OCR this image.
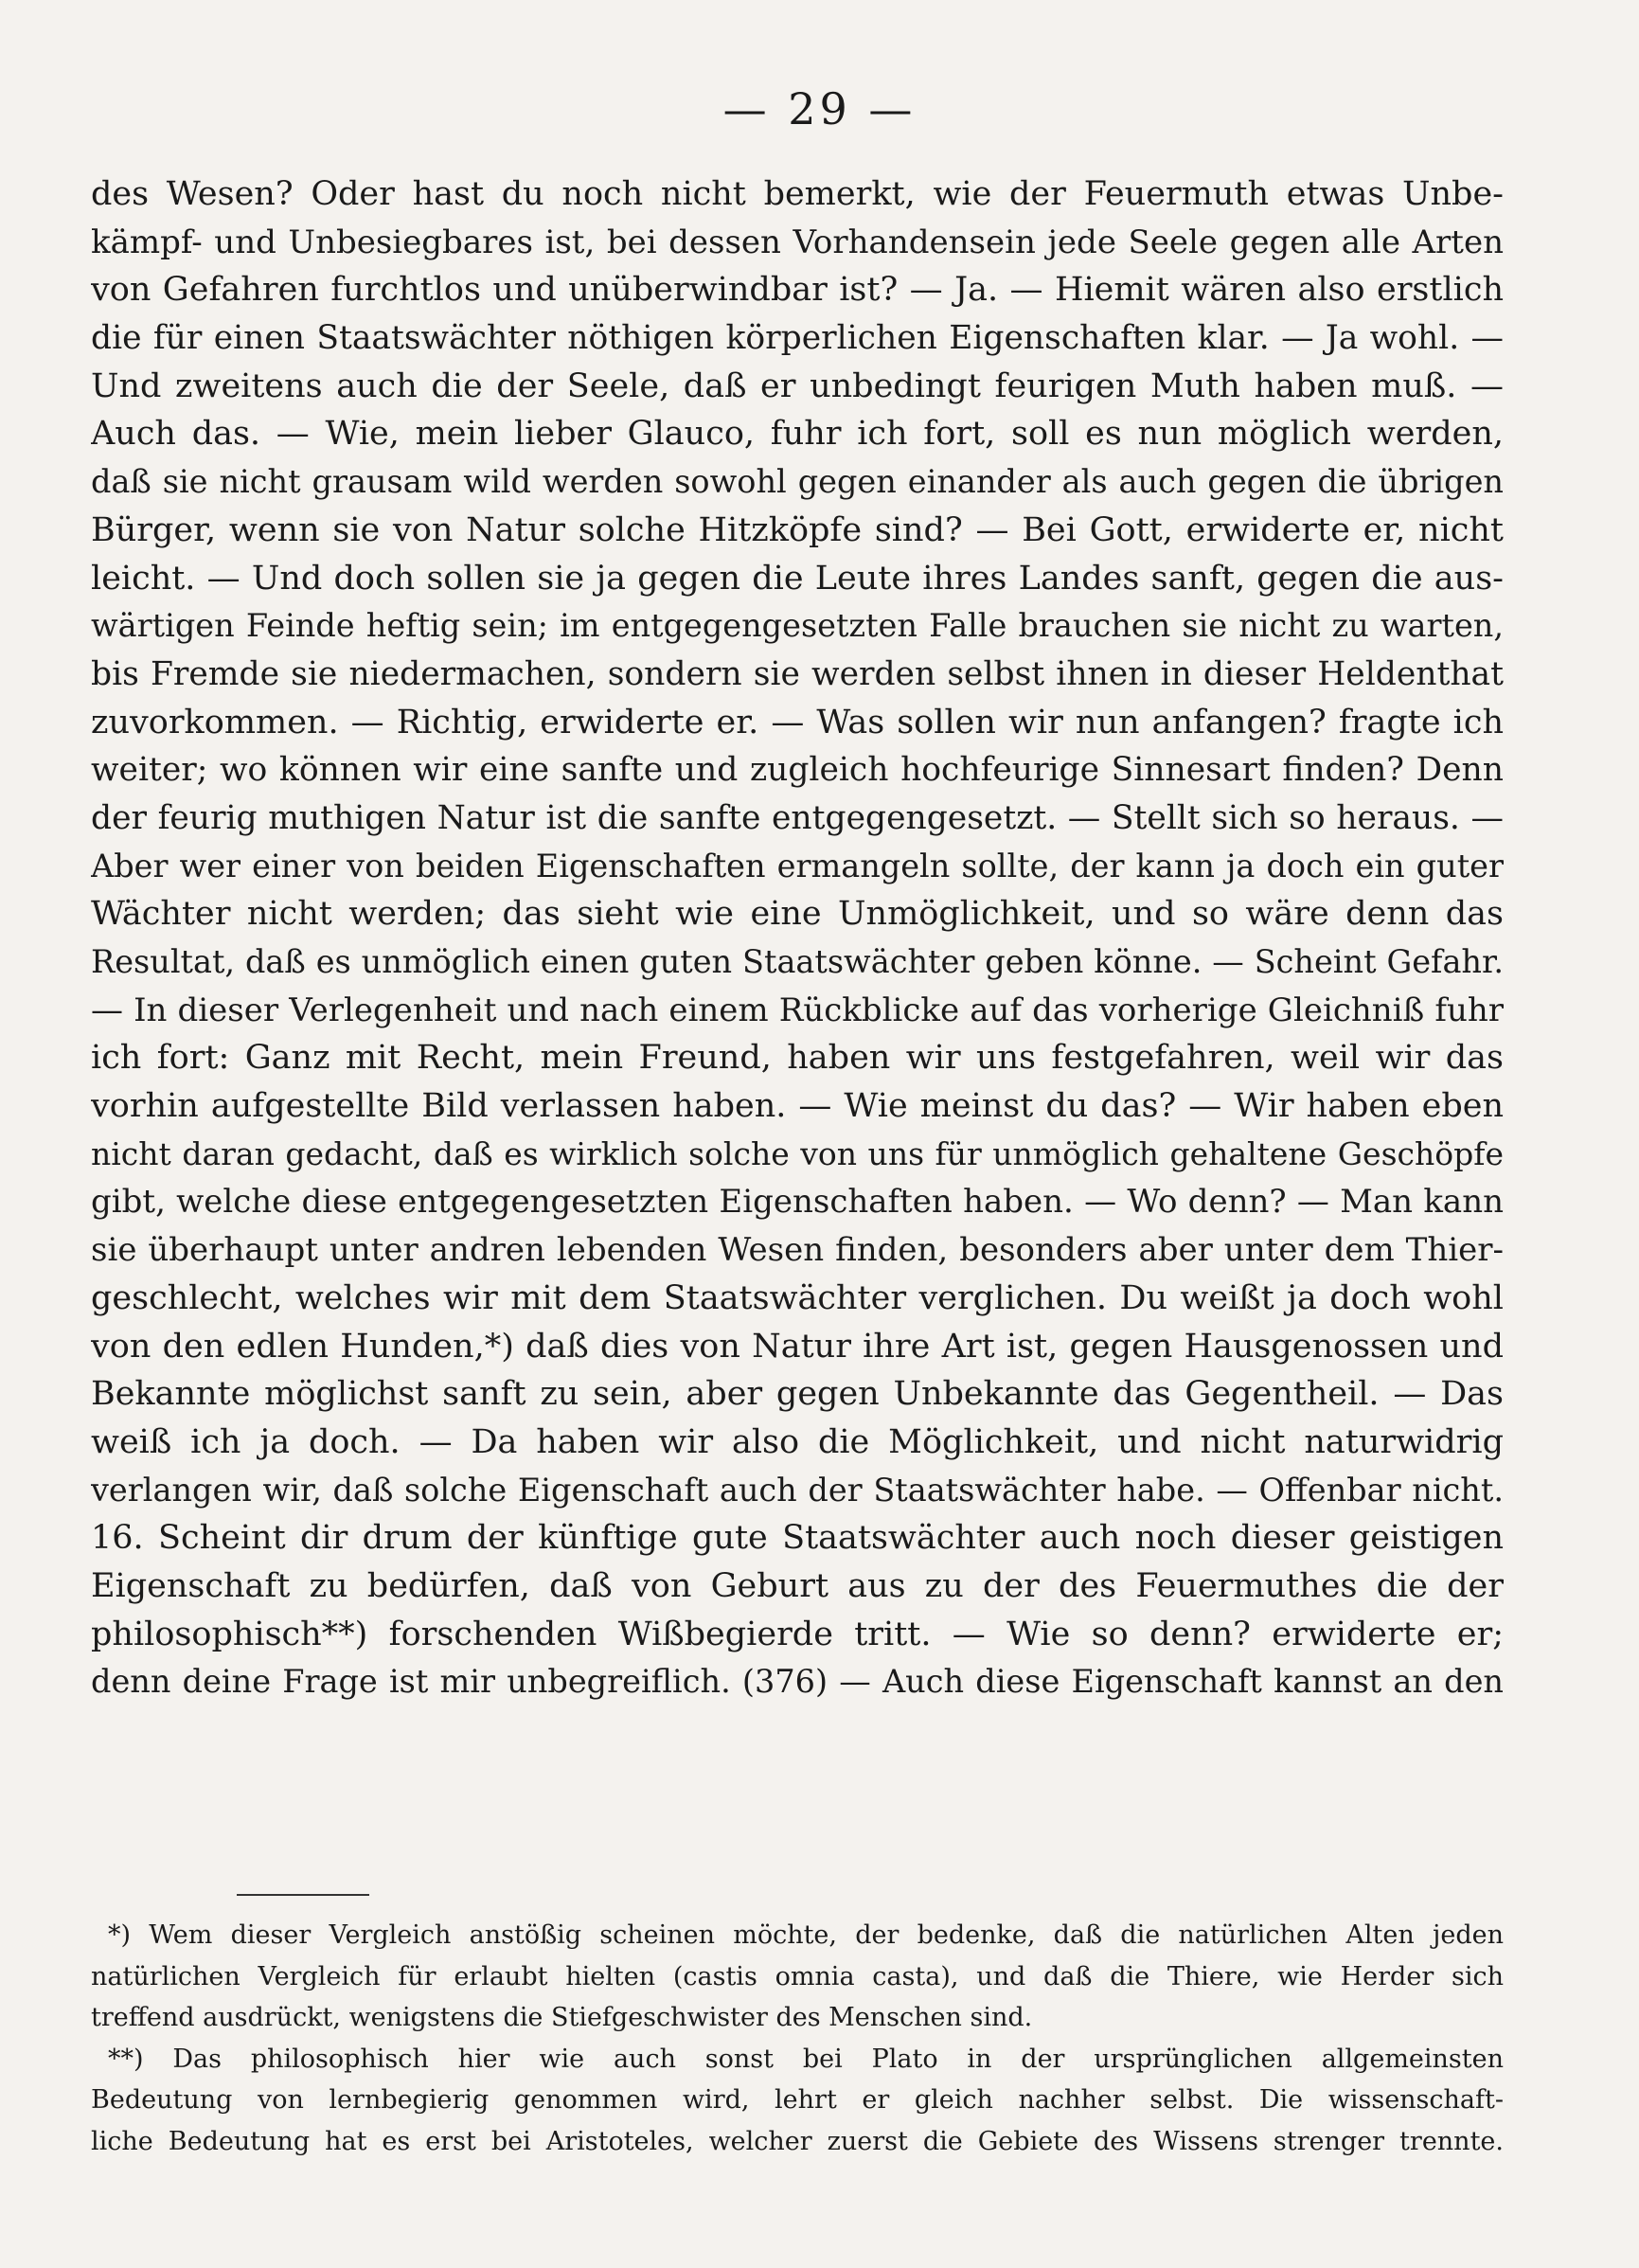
— 29 —
des Wesen? Oder hast du noch nicht bemerkt, wie der Feuermuth etwas Unbe-
kämpf- und Unbesiegbares ist, bei dessen Vorhandensein jede Seele gegen alle Arten
von Gefahren furchtlos und unüberwindbar ist? — Ja. — Hiemit wären also erstlich
die für einen Staatswächter nöthigen körperlichen Eigenschaften klar. — Ja wohl. —
Und zweitens auch die der Seele, daß er unbedingt feurigen Muth haben muß. —
Auch das. — Wie, mein lieber Glauco, fuhr ich fort, soll es nun möglich werden,
daß sie nicht grausam wild werden sowohl gegen einander als auch gegen die übrigen
Bürger, wenn sie von Natur solche Hitzköpfe sind? — Bei Gott, erwiderte er, nicht
leicht. — Und doch sollen sie ja gegen die Leute ihres Landes sanft, gegen die aus-
wärtigen Feinde heftig sein; im entgegengesetzten Falle brauchen sie nicht zu warten,
bis Fremde sie niedermachen, sondern sie werden selbst ihnen in dieser Heldenthat
zuvorkommen. — Richtig, erwiderte er. — Was sollen wir nun anfangen? fragte ich
weiter; wo können wir eine sanfte und zugleich hochfeurige Sinnesart finden? Denn
der feurig muthigen Natur ist die sanfte entgegengesetzt. — Stellt sich so heraus. —
Aber wer einer von beiden Eigenschaften ermangeln sollte, der kann ja doch ein guter
Wächter nicht werden; das sieht wie eine Unmöglichkeit, und so wäre denn das
Resultat, daß es unmöglich einen guten Staatswächter geben könne. — Scheint Gefahr.
— In dieser Verlegenheit und nach einem Rückblicke auf das vorherige Gleichniß fuhr
ich fort: Ganz mit Recht, mein Freund, haben wir uns festgefahren, weil wir das
vorhin aufgestellte Bild verlassen haben. — Wie meinst du das? — Wir haben eben
nicht daran gedacht, daß es wirklich solche von uns für unmöglich gehaltene Geschöpfe
gibt, welche diese entgegengesetzten Eigenschaften haben. — Wo denn? — Man kann
sie überhaupt unter andren lebenden Wesen finden, besonders aber unter dem Thier-
geschlecht, welches wir mit dem Staatswächter verglichen. Du weißt ja doch wohl
von den edlen Hunden,*) daß dies von Natur ihre Art ist, gegen Hausgenossen und
Bekannte möglichst sanft zu sein, aber gegen Unbekannte das Gegentheil. — Das
weiß ich ja doch. — Da haben wir also die Möglichkeit, und nicht naturwidrig
verlangen wir, daß solche Eigenschaft auch der Staatswächter habe. — Offenbar nicht.
16. Scheint dir drum der künftige gute Staatswächter auch noch dieser geistigen
Eigenschaft zu bedürfen, daß von Geburt aus zu der des Feuermuthes die der
philosophisch**) forschenden Wißbegierde tritt. — Wie so denn? erwiderte er;
denn deine Frage ist mir unbegreiflich. (376) — Auch diese Eigenschaft kannst an den
*) Wem dieser Vergleich anstößig scheinen möchte, der bedenke, daß die natürlichen Alten jeden
natürlichen Vergleich für erlaubt hielten (castis omnia casta), und daß die Thiere, wie Herder sich
treffend ausdrückt, wenigstens die Stiefgeschwister des Menschen sind.
**) Das philosophisch hier wie auch sonst bei Plato in der ursprünglichen allgemeinsten
Bedeutung von lernbegierig genommen wird, lehrt er gleich nachher selbst. Die wissenschaft-
liche Bedeutung hat es erst bei Aristoteles, welcher zuerst die Gebiete des Wissens strenger trennte.
